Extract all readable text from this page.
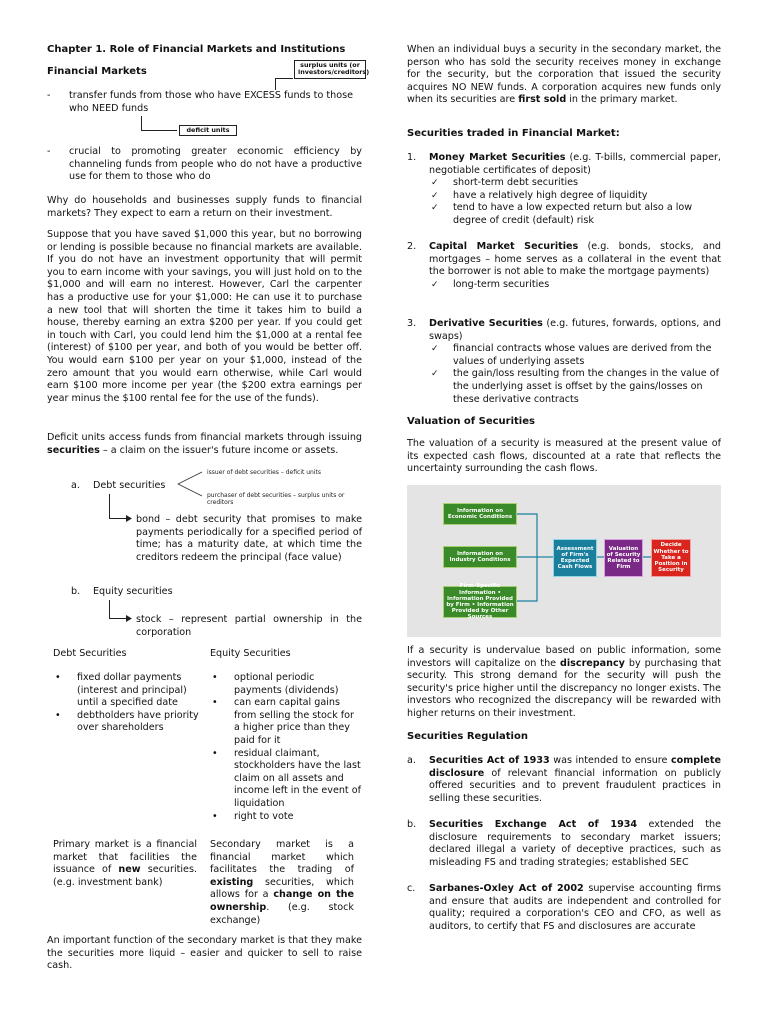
Chapter 1. Role of Financial Markets and Institutions

Financial Markets

surplus units (or investors/creditors)
- transfer funds from those who have EXCESS funds to those who NEED funds

deficit units
- crucial to promoting greater economic efficiency by channeling funds from people who do not have a productive use for them to those who do

Why do households and businesses supply funds to financial markets? They expect to earn a return on their investment.

Suppose that you have saved $1,000 this year, but no borrowing or lending is possible because no financial markets are available. If you do not have an investment opportunity that will permit you to earn income with your savings, you will just hold on to the $1,000 and will earn no interest. However, Carl the carpenter has a productive use for your $1,000: He can use it to purchase a new tool that will shorten the time it takes him to build a house, thereby earning an extra $200 per year. If you could get in touch with Carl, you could lend him the $1,000 at a rental fee (interest) of $100 per year, and both of you would be better off. You would earn $100 per year on your $1,000, instead of the zero amount that you would earn otherwise, while Carl would earn $100 more income per year (the $200 extra earnings per year minus the $100 rental fee for the use of the funds).

Deficit units access funds from financial markets through issuing securities – a claim on the issuer's future income or assets.

a. Debt securities
issuer of debt securities – deficit units
purchaser of debt securities – surplus units or creditors

bond – debt security that promises to make payments periodically for a specified period of time; has a maturity date, at which time the creditors redeem the principal (face value)

b. Equity securities

stock – represent partial ownership in the corporation

Debt Securities	Equity Securities

• fixed dollar payments (interest and principal) until a specified date

• debtholders have priority over shareholders

• optional periodic payments (dividends)

• can earn capital gains from selling the stock for a higher price than they paid for it

• residual claimant, stockholders have the last claim on all assets and income left in the event of liquidation

• right to vote

Primary market is a financial market that facilities the issuance of new securities. (e.g. investment bank)

Secondary market is a financial market which facilitates the trading of existing securities, which allows for a change on the ownership. (e.g. stock exchange)

An important function of the secondary market is that they make the securities more liquid – easier and quicker to sell to raise cash.

When an individual buys a security in the secondary market, the person who has sold the security receives money in exchange for the security, but the corporation that issued the security acquires NO NEW funds. A corporation acquires new funds only when its securities are first sold in the primary market.

Securities traded in Financial Market:

1. Money Market Securities (e.g. T-bills, commercial paper, negotiable certificates of deposit)

✓ short-term debt securities

✓ have a relatively high degree of liquidity

✓ tend to have a low expected return but also a low degree of credit (default) risk

2. Capital Market Securities (e.g. bonds, stocks, and mortgages – home serves as a collateral in the event that the borrower is not able to make the mortgage payments)

✓ long-term securities

3. Derivative Securities (e.g. futures, forwards, options, and swaps)

✓ financial contracts whose values are derived from the values of underlying assets

✓ the gain/loss resulting from the changes in the value of the underlying asset is offset by the gains/losses on these derivative contracts

Valuation of Securities

The valuation of a security is measured at the present value of its expected cash flows, discounted at a rate that reflects the uncertainty surrounding the cash flows.

Information on Economic Conditions
Information on Industry Conditions
Firm-Specific Information • Information Provided by Firm • Information Provided by Other Sources
Assessment of Firm's Expected Cash Flows
Valuation of Security Related to Firm
Decide Whether to Take a Position in Security

If a security is undervalue based on public information, some investors will capitalize on the discrepancy by purchasing that security. This strong demand for the security will push the security's price higher until the discrepancy no longer exists. The investors who recognized the discrepancy will be rewarded with higher returns on their investment.

Securities Regulation

a. Securities Act of 1933 was intended to ensure complete disclosure of relevant financial information on publicly offered securities and to prevent fraudulent practices in selling these securities.

b. Securities Exchange Act of 1934 extended the disclosure requirements to secondary market issuers; declared illegal a variety of deceptive practices, such as misleading FS and trading strategies; established SEC

c. Sarbanes-Oxley Act of 2002 supervise accounting firms and ensure that audits are independent and controlled for quality; required a corporation's CEO and CFO, as well as auditors, to certify that FS and disclosures are accurate
